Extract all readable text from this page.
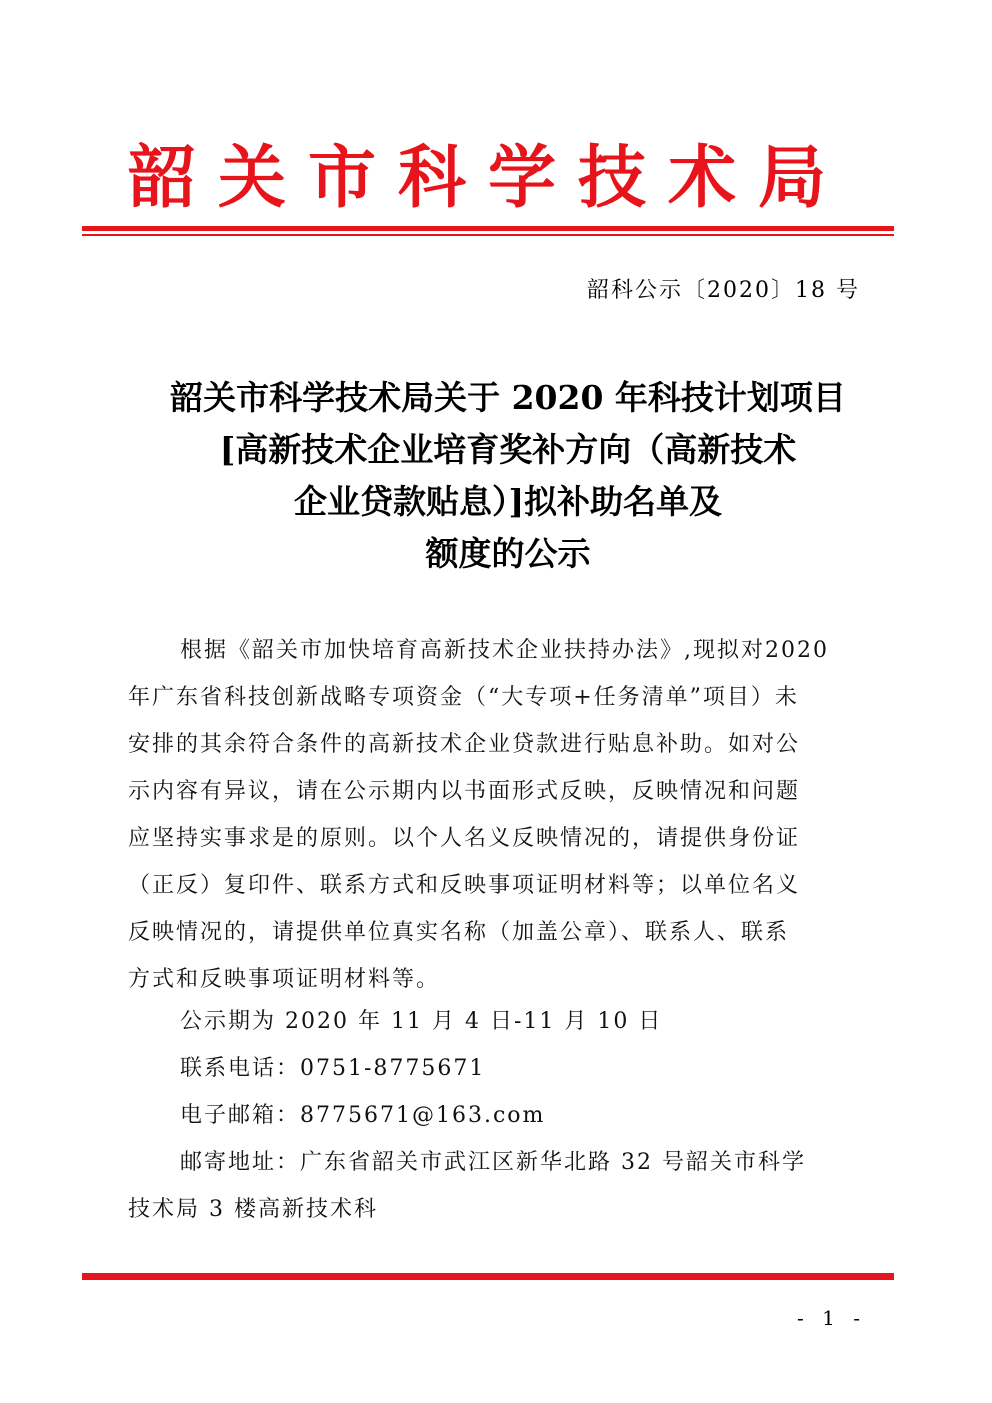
韶关市科学技术局
韶科公示〔2020〕18 号
韶关市科学技术局关于 2020 年科技计划项目
[高新技术企业培育奖补方向（高新技术
企业贷款贴息）]拟补助名单及
额度的公示
根据《韶关市加快培育高新技术企业扶持办法》,现拟对2020
年广东省科技创新战略专项资金（“大专项+任务清单”项目）未
安排的其余符合条件的高新技术企业贷款进行贴息补助。如对公
示内容有异议，请在公示期内以书面形式反映，反映情况和问题
应坚持实事求是的原则。以个人名义反映情况的，请提供身份证
（正反）复印件、联系方式和反映事项证明材料等；以单位名义
反映情况的，请提供单位真实名称（加盖公章）、联系人、联系
方式和反映事项证明材料等。
公示期为 2020 年 11 月 4 日-11 月 10 日
联系电话：0751-8775671
电子邮箱：8775671@163.com
邮寄地址：广东省韶关市武江区新华北路 32 号韶关市科学
技术局 3 楼高新技术科
- 1 -
